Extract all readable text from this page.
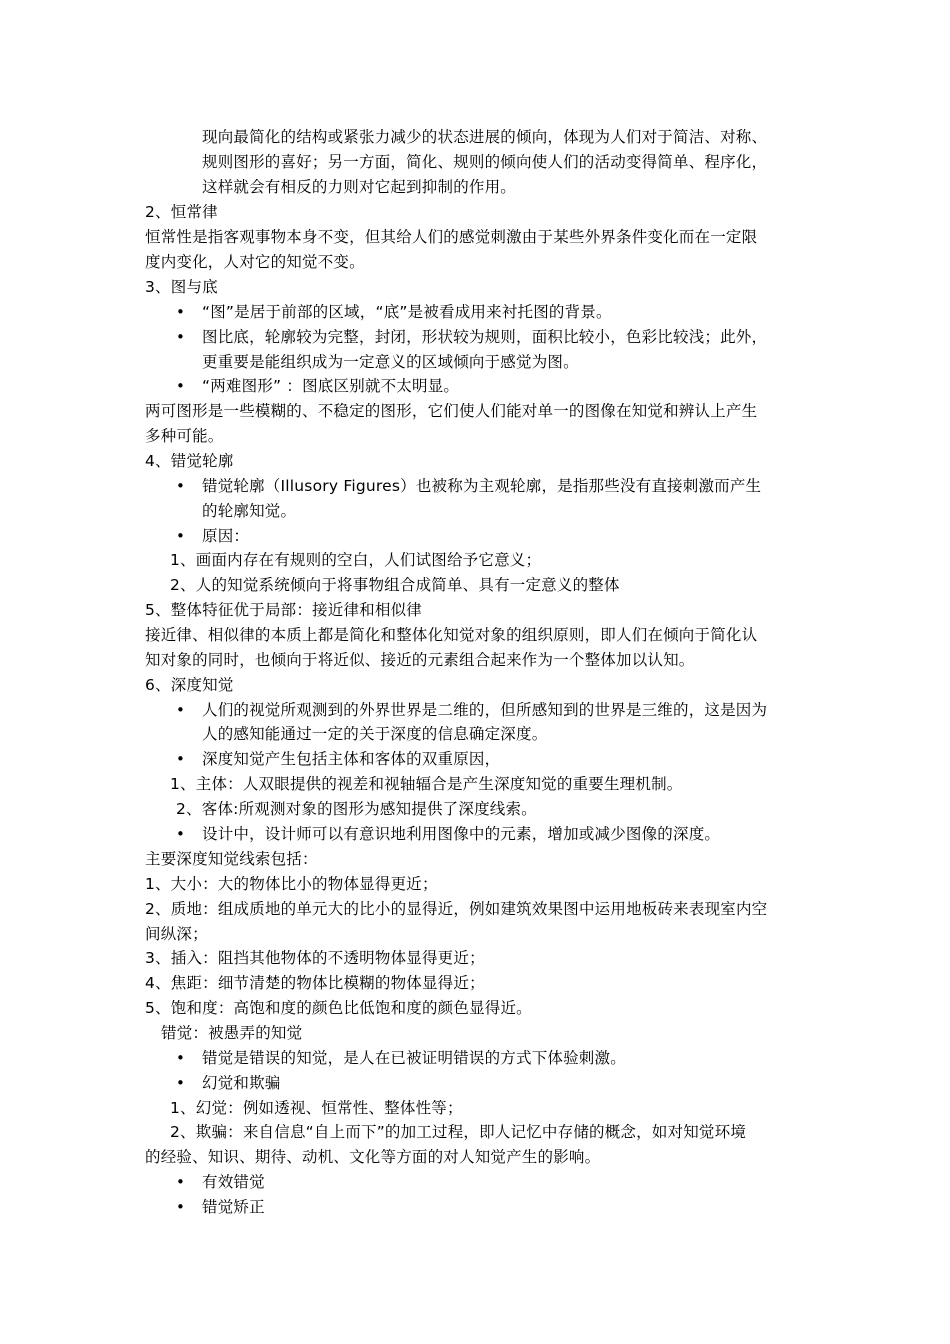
现向最简化的结构或紧张力减少的状态进展的倾向，体现为人们对于简洁、对称、
规则图形的喜好；另一方面，简化、规则的倾向使人们的活动变得简单、程序化，
这样就会有相反的力则对它起到抑制的作用。
2、恒常律
恒常性是指客观事物本身不变，但其给人们的感觉刺激由于某些外界条件变化而在一定限
度内变化，人对它的知觉不变。
3、图与底
• “图”是居于前部的区域，“底”是被看成用来衬托图的背景。
• 图比底，轮廓较为完整，封闭，形状较为规则，面积比较小，色彩比较浅；此外，
更重要是能组织成为一定意义的区域倾向于感觉为图。
• “两难图形” ：图底区别就不太明显。
两可图形是一些模糊的、不稳定的图形，它们使人们能对单一的图像在知觉和辨认上产生
多种可能。
4、错觉轮廓
• 错觉轮廓（Illusory Figures）也被称为主观轮廓，是指那些没有直接刺激而产生
的轮廓知觉。
• 原因：
1、画面内存在有规则的空白，人们试图给予它意义；
2、人的知觉系统倾向于将事物组合成简单、具有一定意义的整体
5、整体特征优于局部：接近律和相似律
接近律、相似律的本质上都是简化和整体化知觉对象的组织原则，即人们在倾向于简化认
知对象的同时，也倾向于将近似、接近的元素组合起来作为一个整体加以认知。
6、深度知觉
• 人们的视觉所观测到的外界世界是二维的，但所感知到的世界是三维的，这是因为
人的感知能通过一定的关于深度的信息确定深度。
• 深度知觉产生包括主体和客体的双重原因，
1、主体：人双眼提供的视差和视轴辐合是产生深度知觉的重要生理机制。
2、客体:所观测对象的图形为感知提供了深度线索。
• 设计中，设计师可以有意识地利用图像中的元素，增加或减少图像的深度。
主要深度知觉线索包括：
1、大小：大的物体比小的物体显得更近；
2、质地：组成质地的单元大的比小的显得近，例如建筑效果图中运用地板砖来表现室内空
间纵深；
3、插入：阻挡其他物体的不透明物体显得更近；
4、焦距：细节清楚的物体比模糊的物体显得近；
5、饱和度：高饱和度的颜色比低饱和度的颜色显得近。
错觉：被愚弄的知觉
• 错觉是错误的知觉，是人在已被证明错误的方式下体验刺激。
• 幻觉和欺骗
1、幻觉：例如透视、恒常性、整体性等；
2、欺骗：来自信息“自上而下”的加工过程，即人记忆中存储的概念，如对知觉环境
的经验、知识、期待、动机、文化等方面的对人知觉产生的影响。
• 有效错觉
• 错觉矫正
